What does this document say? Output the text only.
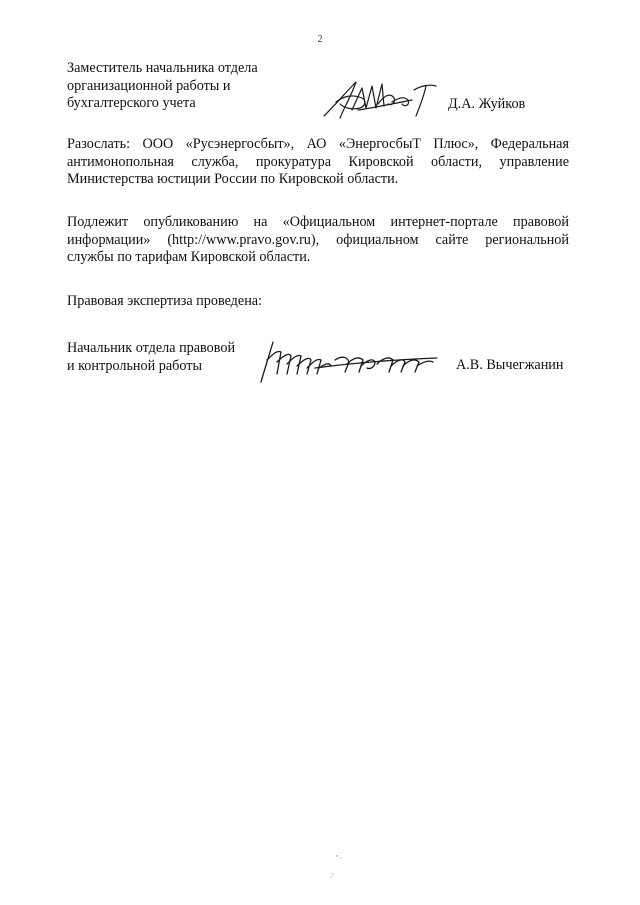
2
Заместитель начальника отдела
организационной работы и
бухгалтерского учета	Д.А. Жуйков
Разослать: ООО «Русэнергосбыт», АО «ЭнергосбыТ Плюс», Федеральная
антимонопольная служба, прокуратура Кировской области, управление
Министерства юстиции России по Кировской области.
Подлежит опубликованию на «Официальном интернет-портале правовой
информации» (http://www.pravo.gov.ru), официальном сайте региональной
службы по тарифам Кировской области.
Правовая экспертиза проведена:
Начальник отдела правовой
и контрольной работы	А.В. Вычегжанин
